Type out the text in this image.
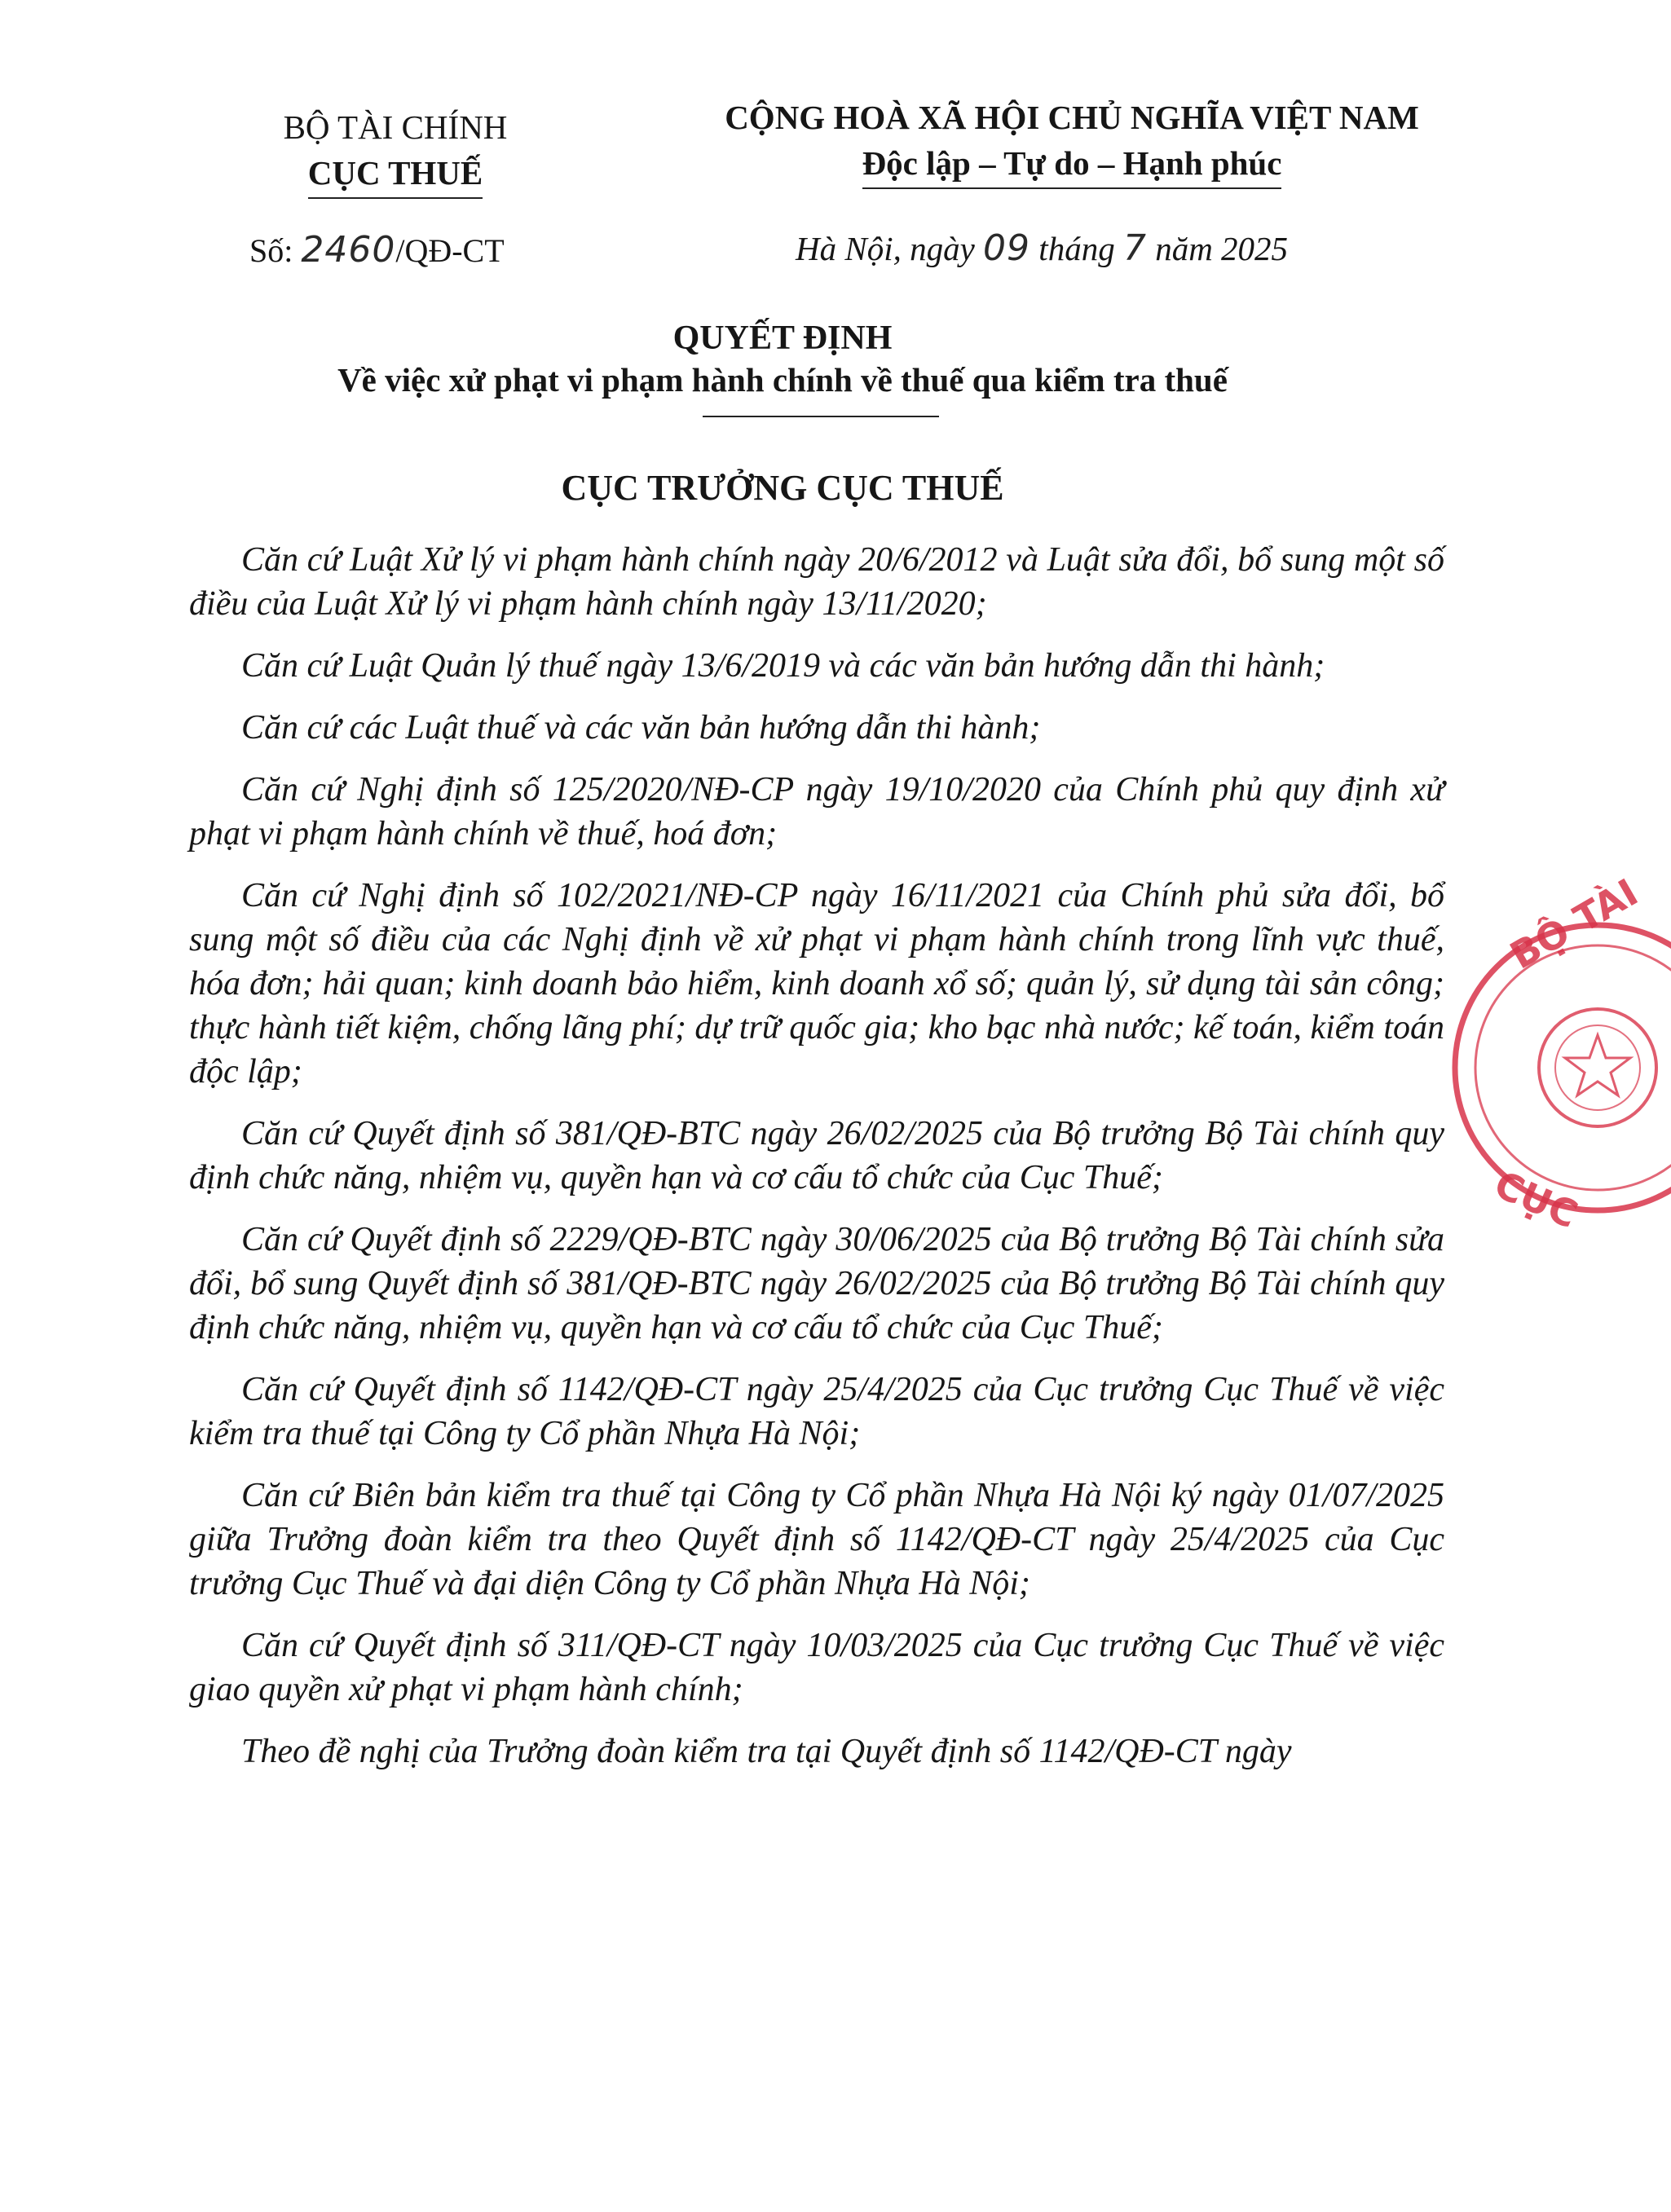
BỘ TÀI CHÍNH
CỤC THUẾ
CỘNG HOÀ XÃ HỘI CHỦ NGHĨA VIỆT NAM
Độc lập – Tự do – Hạnh phúc
Số: 2460/QĐ-CT	Hà Nội, ngày 09 tháng 7 năm 2025
QUYẾT ĐỊNH
Về việc xử phạt vi phạm hành chính về thuế qua kiểm tra thuế
CỤC TRƯỞNG CỤC THUẾ

Căn cứ Luật Xử lý vi phạm hành chính ngày 20/6/2012 và Luật sửa đổi, bổ sung một số điều của Luật Xử lý vi phạm hành chính ngày 13/11/2020;

Căn cứ Luật Quản lý thuế ngày 13/6/2019 và các văn bản hướng dẫn thi hành;

Căn cứ các Luật thuế và các văn bản hướng dẫn thi hành;

Căn cứ Nghị định số 125/2020/NĐ-CP ngày 19/10/2020 của Chính phủ quy định xử phạt vi phạm hành chính về thuế, hoá đơn;

Căn cứ Nghị định số 102/2021/NĐ-CP ngày 16/11/2021 của Chính phủ sửa đổi, bổ sung một số điều của các Nghị định về xử phạt vi phạm hành chính trong lĩnh vực thuế, hóa đơn; hải quan; kinh doanh bảo hiểm, kinh doanh xổ số; quản lý, sử dụng tài sản công; thực hành tiết kiệm, chống lãng phí; dự trữ quốc gia; kho bạc nhà nước; kế toán, kiểm toán độc lập;

Căn cứ Quyết định số 381/QĐ-BTC ngày 26/02/2025 của Bộ trưởng Bộ Tài chính quy định chức năng, nhiệm vụ, quyền hạn và cơ cấu tổ chức của Cục Thuế;

Căn cứ Quyết định số 2229/QĐ-BTC ngày 30/06/2025 của Bộ trưởng Bộ Tài chính sửa đổi, bổ sung Quyết định số 381/QĐ-BTC ngày 26/02/2025 của Bộ trưởng Bộ Tài chính quy định chức năng, nhiệm vụ, quyền hạn và cơ cấu tổ chức của Cục Thuế;

Căn cứ Quyết định số 1142/QĐ-CT ngày 25/4/2025 của Cục trưởng Cục Thuế về việc kiểm tra thuế tại Công ty Cổ phần Nhựa Hà Nội;

Căn cứ Biên bản kiểm tra thuế tại Công ty Cổ phần Nhựa Hà Nội ký ngày 01/07/2025 giữa Trưởng đoàn kiểm tra theo Quyết định số 1142/QĐ-CT ngày 25/4/2025 của Cục trưởng Cục Thuế và đại diện Công ty Cổ phần Nhựa Hà Nội;

Căn cứ Quyết định số 311/QĐ-CT ngày 10/03/2025 của Cục trưởng Cục Thuế về việc giao quyền xử phạt vi phạm hành chính;

Theo đề nghị của Trưởng đoàn kiểm tra tại Quyết định số 1142/QĐ-CT ngày

BỘ TÀI
CỤC
